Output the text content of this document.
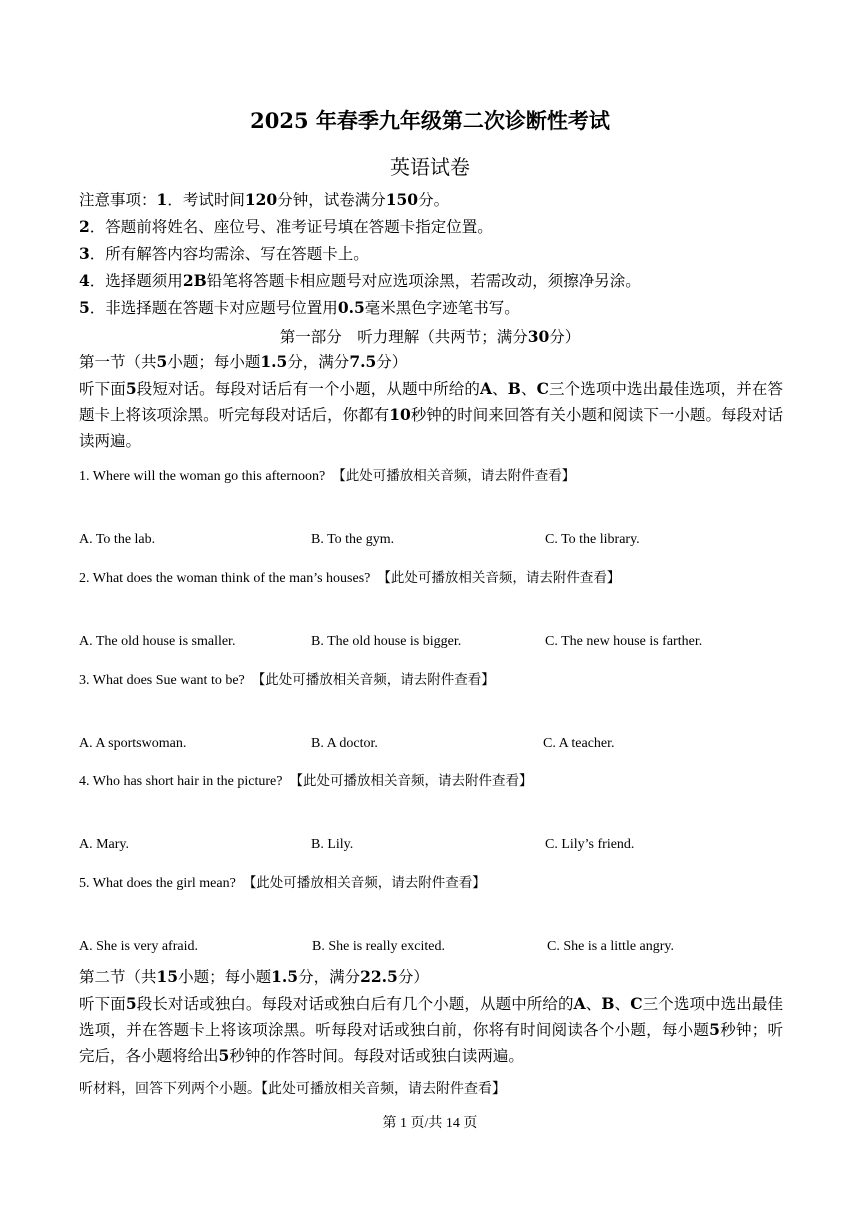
2025 年春季九年级第二次诊断性考试
英语试卷
注意事项：1．考试时间120分钟，试卷满分150分。
2．答题前将姓名、座位号、准考证号填在答题卡指定位置。
3．所有解答内容均需涂、写在答题卡上。
4．选择题须用2B铅笔将答题卡相应题号对应选项涂黑，若需改动，须擦净另涂。
5．非选择题在答题卡对应题号位置用0.5毫米黑色字迹笔书写。
第一部分　听力理解（共两节；满分30分）
第一节（共5小题；每小题1.5分，满分7.5分）
听下面5段短对话。每段对话后有一个小题，从题中所给的A、B、C三个选项中选出最佳选项，并在答题卡上将该项涂黑。听完每段对话后，你都有10秒钟的时间来回答有关小题和阅读下一小题。每段对话读两遍。
1. Where will the woman go this afternoon? 【此处可播放相关音频，请去附件查看】
A. To the lab.	B. To the gym.	C. To the library.
2. What does the woman think of the man’s houses? 【此处可播放相关音频，请去附件查看】
A. The old house is smaller.	B. The old house is bigger.	C. The new house is farther.
3. What does Sue want to be? 【此处可播放相关音频，请去附件查看】
A. A sportswoman.	B. A doctor.	C. A teacher.
4. Who has short hair in the picture? 【此处可播放相关音频，请去附件查看】
A. Mary.	B. Lily.	C. Lily’s friend.
5. What does the girl mean? 【此处可播放相关音频，请去附件查看】
A. She is very afraid.	B. She is really excited.	C. She is a little angry.
第二节（共15小题；每小题1.5分，满分22.5分）
听下面5段长对话或独白。每段对话或独白后有几个小题，从题中所给的A、B、C三个选项中选出最佳选项，并在答题卡上将该项涂黑。听每段对话或独白前，你将有时间阅读各个小题，每小题5秒钟；听完后，各小题将给出5秒钟的作答时间。每段对话或独白读两遍。
听材料，回答下列两个小题。【此处可播放相关音频，请去附件查看】
第 1 页/共 14 页
